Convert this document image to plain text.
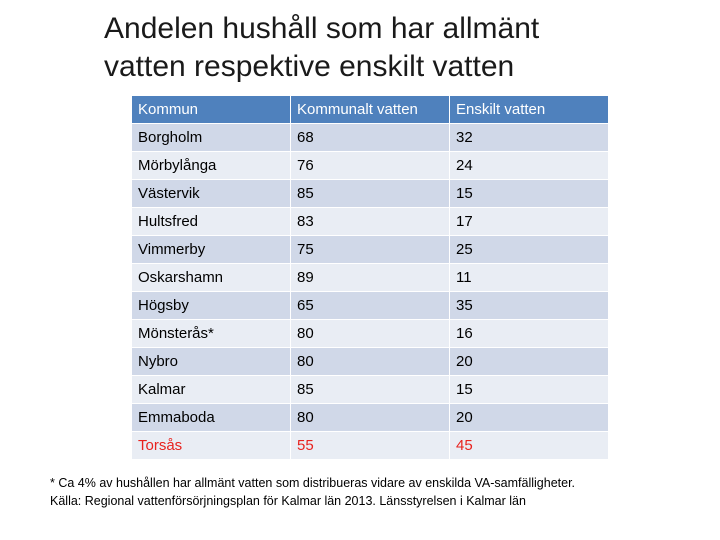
Andelen hushåll som har allmänt
vatten respektive enskilt vatten
Kommun	Kommunalt vatten	Enskilt vatten
Borgholm	68	32
Mörbylånga	76	24
Västervik	85	15
Hultsfred	83	17
Vimmerby	75	25
Oskarshamn	89	11
Högsby	65	35
Mönsterås*	80	16
Nybro	80	20
Kalmar	85	15
Emmaboda	80	20
Torsås	55	45
* Ca 4% av hushållen har allmänt vatten som distribueras vidare av enskilda VA-samfälligheter.
Källa: Regional vattenförsörjningsplan för Kalmar län 2013. Länsstyrelsen i Kalmar län
